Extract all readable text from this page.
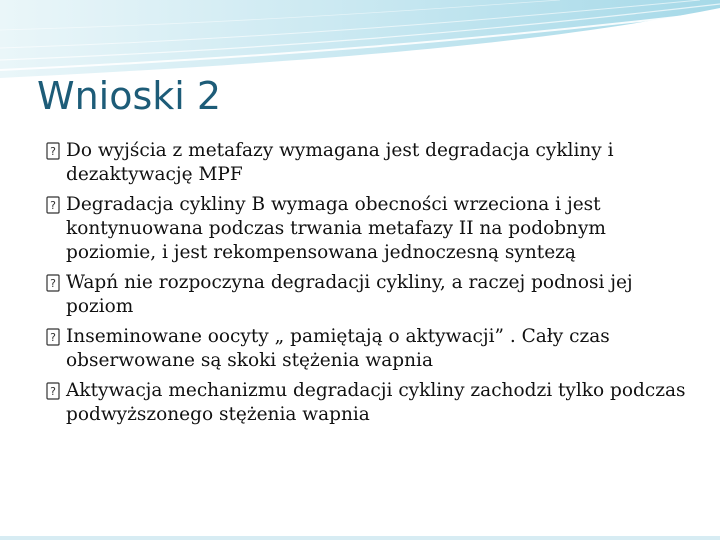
Wnioski 2
? Do wyjścia z metafazy wymagana jest degradacja cykliny i dezaktywację MPF
? Degradacja cykliny B wymaga obecności wrzeciona i jest kontynuowana podczas trwania metafazy II na podobnym poziomie, i jest rekompensowana jednoczesną syntezą
? Wapń nie rozpoczyna degradacji cykliny, a raczej podnosi jej poziom
? Inseminowane oocyty „ pamiętają o aktywacji” . Cały czas obserwowane są skoki stężenia wapnia
? Aktywacja mechanizmu degradacji cykliny zachodzi tylko podczas podwyższonego stężenia wapnia
